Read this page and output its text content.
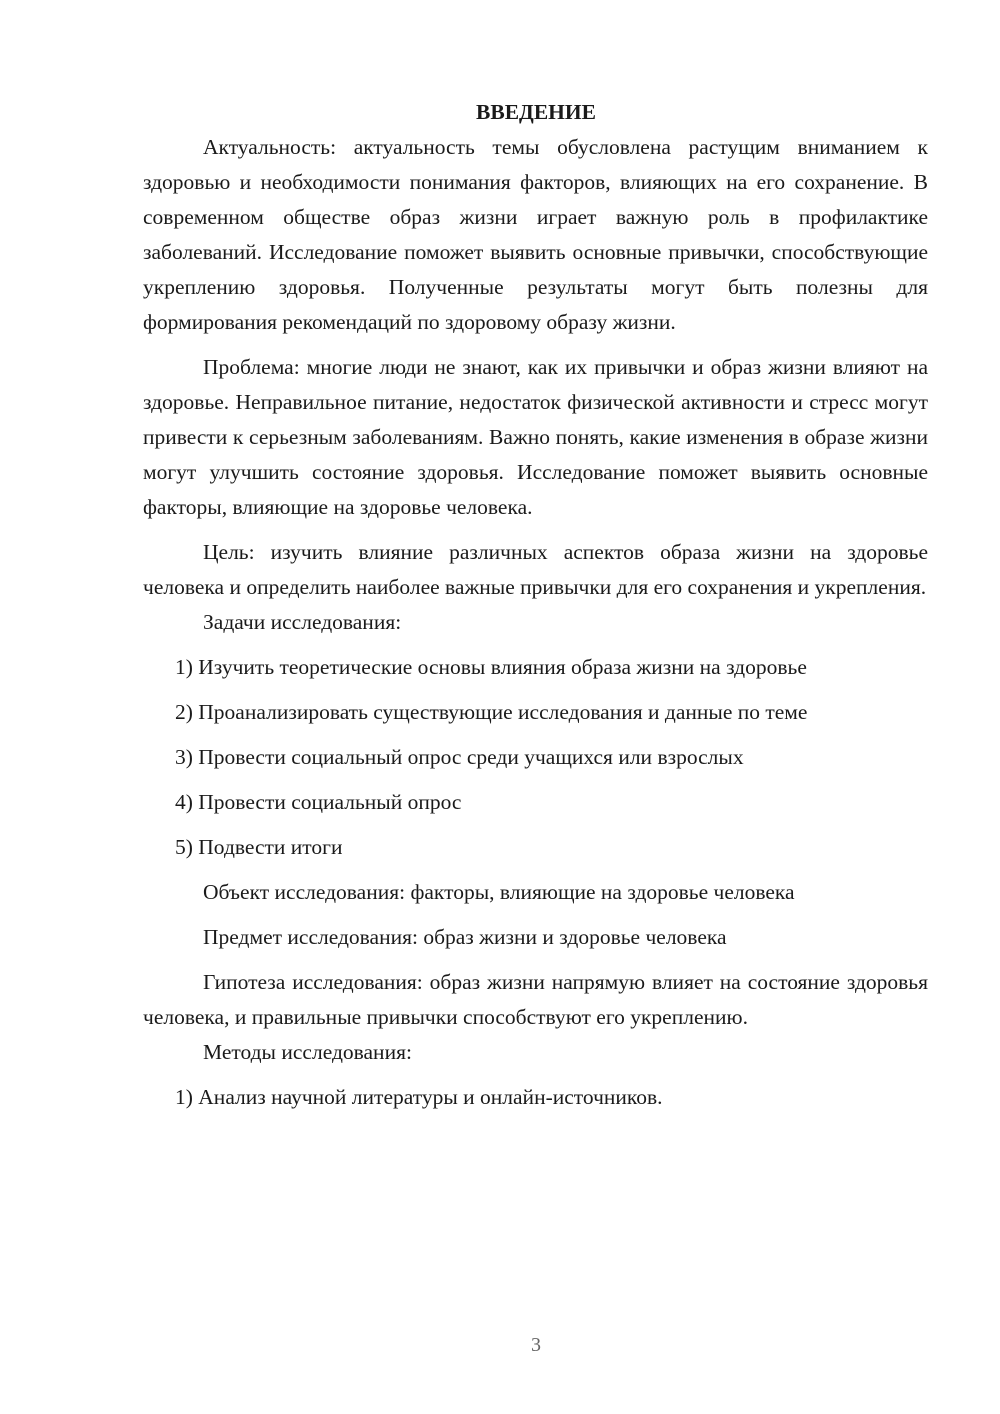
ВВЕДЕНИЕ

Актуальность: актуальность темы обусловлена растущим вниманием к здоровью и необходимости понимания факторов, влияющих на его сохранение. В современном обществе образ жизни играет важную роль в профилактике заболеваний. Исследование поможет выявить основные привычки, способствующие укреплению здоровья. Полученные результаты могут быть полезны для формирования рекомендаций по здоровому образу жизни.

Проблема: многие люди не знают, как их привычки и образ жизни влияют на здоровье. Неправильное питание, недостаток физической активности и стресс могут привести к серьезным заболеваниям. Важно понять, какие изменения в образе жизни могут улучшить состояние здоровья. Исследование поможет выявить основные факторы, влияющие на здоровье человека.

Цель: изучить влияние различных аспектов образа жизни на здоровье человека и определить наиболее важные привычки для его сохранения и укрепления.

Задачи исследования:

1) Изучить теоретические основы влияния образа жизни на здоровье

2) Проанализировать существующие исследования и данные по теме

3) Провести социальный опрос среди учащихся или взрослых

4) Провести социальный опрос

5) Подвести итоги

Объект исследования: факторы, влияющие на здоровье человека

Предмет исследования: образ жизни и здоровье человека

Гипотеза исследования: образ жизни напрямую влияет на состояние здоровья человека, и правильные привычки способствуют его укреплению.

Методы исследования:

1) Анализ научной литературы и онлайн-источников.

3
